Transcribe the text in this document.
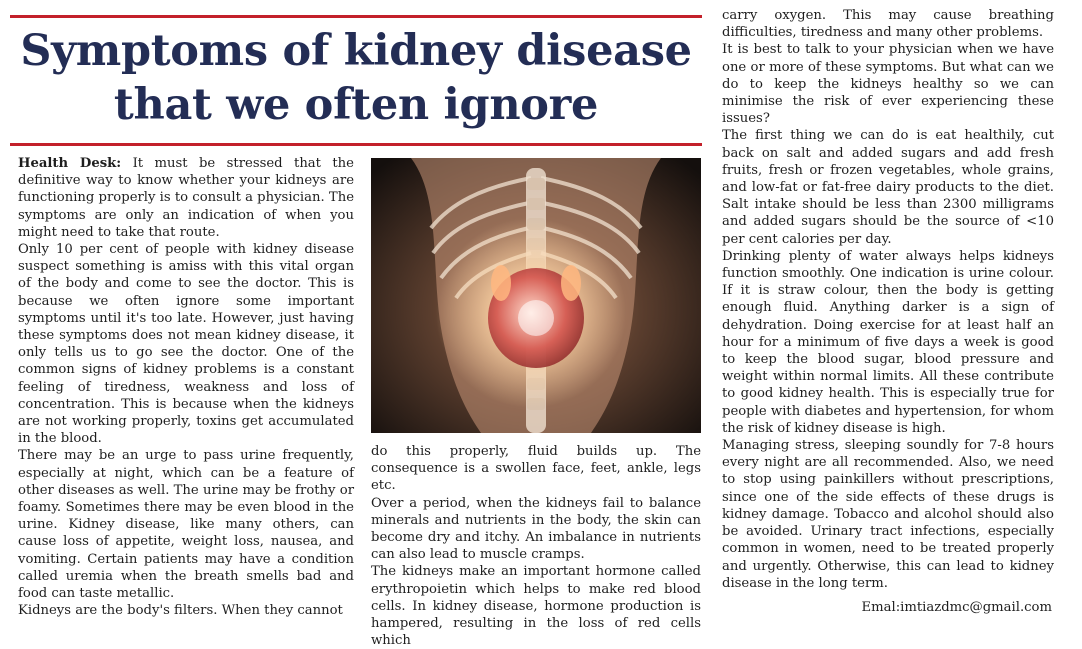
Symptoms of kidney disease that we often ignore

Health Desk: It must be stressed that the definitive way to know whether your kidneys are functioning properly is to consult a physician. The symptoms are only an indication of when you might need to take that route.

Only 10 per cent of people with kidney disease suspect something is amiss with this vital organ of the body and come to see the doctor. This is because we often ignore some important symptoms until it's too late. However, just having these symptoms does not mean kidney disease, it only tells us to go see the doctor. One of the common signs of kidney problems is a constant feeling of tiredness, weakness and loss of concentration. This is because when the kidneys are not working properly, toxins get accumulated in the blood.

There may be an urge to pass urine frequently, especially at night, which can be a feature of other diseases as well. The urine may be frothy or foamy. Sometimes there may be even blood in the urine. Kidney disease, like many others, can cause loss of appetite, weight loss, nausea, and vomiting. Certain patients may have a condition called uremia when the breath smells bad and food can taste metallic.

Kidneys are the body's filters. When they cannot

do this properly, fluid builds up. The consequence is a swollen face, feet, ankle, legs etc.

Over a period, when the kidneys fail to balance minerals and nutrients in the body, the skin can become dry and itchy. An imbalance in nutrients can also lead to muscle cramps.

The kidneys make an important hormone called erythropoietin which helps to make red blood cells. In kidney disease, hormone production is hampered, resulting in the loss of red cells which

carry oxygen. This may cause breathing difficulties, tiredness and many other problems.

It is best to talk to your physician when we have one or more of these symptoms. But what can we do to keep the kidneys healthy so we can minimise the risk of ever experiencing these issues?

The first thing we can do is eat healthily, cut back on salt and added sugars and add fresh fruits, fresh or frozen vegetables, whole grains, and low-fat or fat-free dairy products to the diet. Salt intake should be less than 2300 milligrams and added sugars should be the source of <10 per cent calories per day.

Drinking plenty of water always helps kidneys function smoothly. One indication is urine colour. If it is straw colour, then the body is getting enough fluid. Anything darker is a sign of dehydration. Doing exercise for at least half an hour for a minimum of five days a week is good to keep the blood sugar, blood pressure and weight within normal limits. All these contribute to good kidney health. This is especially true for people with diabetes and hypertension, for whom the risk of kidney disease is high.

Managing stress, sleeping soundly for 7-8 hours every night are all recommended. Also, we need to stop using painkillers without prescriptions, since one of the side effects of these drugs is kidney damage. Tobacco and alcohol should also be avoided. Urinary tract infections, especially common in women, need to be treated properly and urgently. Otherwise, this can lead to kidney disease in the long term.

Emal:imtiazdmc@gmail.com
